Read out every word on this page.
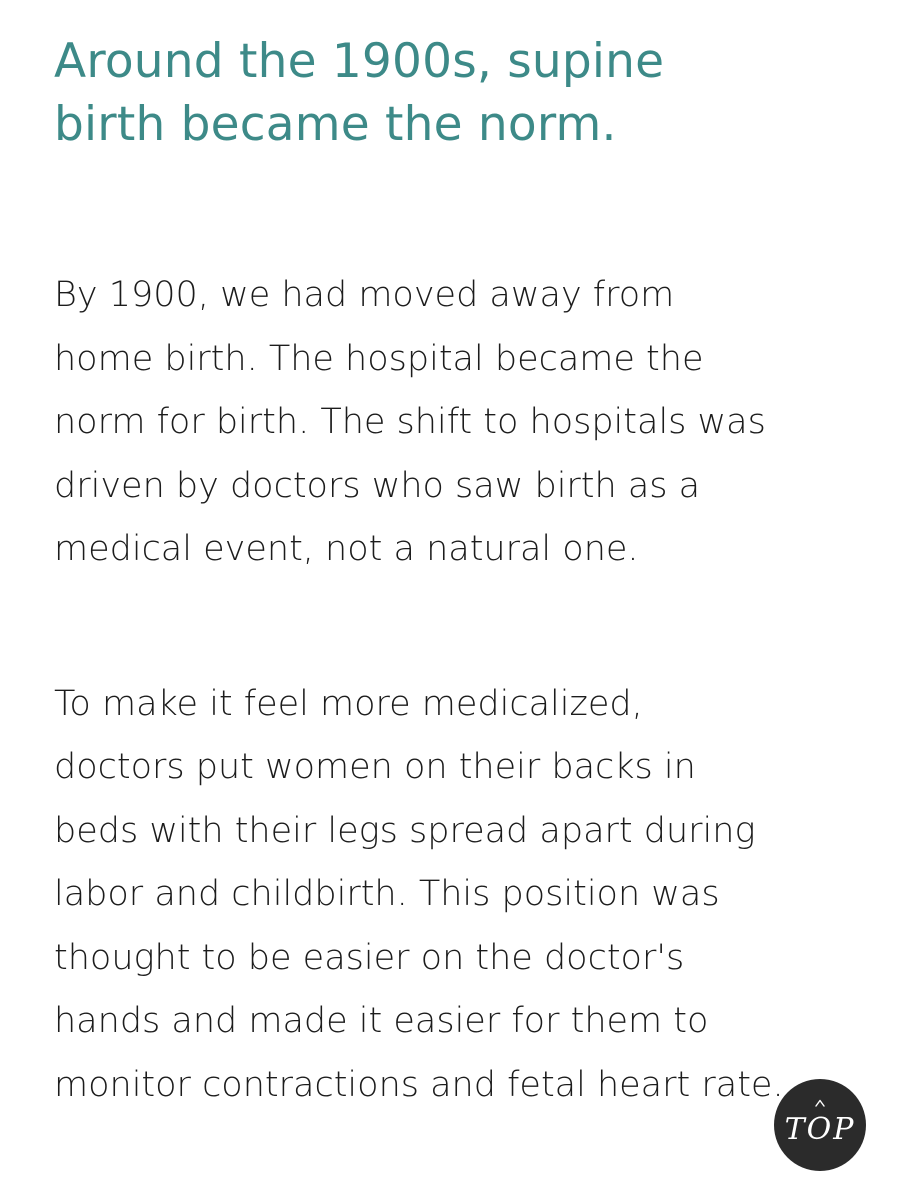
Around the 1900s, supine
birth became the norm.

By 1900, we had moved away from
home birth. The hospital became the
norm for birth. The shift to hospitals was
driven by doctors who saw birth as a
medical event, not a natural one.

To make it feel more medicalized,
doctors put women on their backs in
beds with their legs spread apart during
labor and childbirth. This position was
thought to be easier on the doctor's
hands and made it easier for them to
monitor contractions and fetal heart rate.

TOP
